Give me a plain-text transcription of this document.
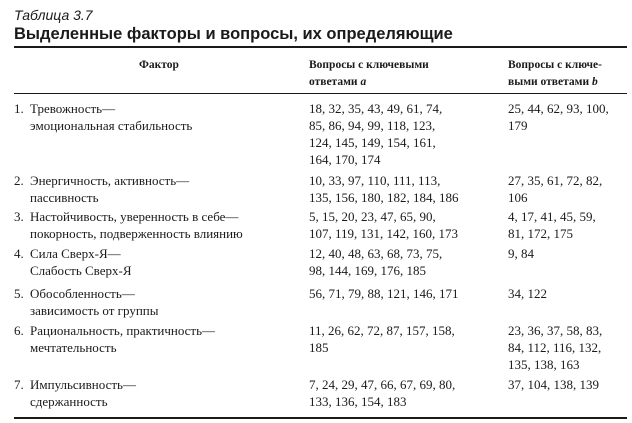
Таблица 3.7
Выделенные факторы и вопросы, их определяющие
Фактор	Вопросы с ключевыми
ответами a
Вопросы с ключе-
выми ответами b
1. Тревожность—
эмоциональная стабильность
18, 32, 35, 43, 49, 61, 74,
85, 86, 94, 99, 118, 123,
124, 145, 149, 154, 161,
164, 170, 174
25, 44, 62, 93, 100,
179
2. Энергичность, активность—
пассивность
10, 33, 97, 110, 111, 113,
135, 156, 180, 182, 184, 186
27, 35, 61, 72, 82,
106
3. Настойчивость, уверенность в себе—
покорность, подверженность влиянию
5, 15, 20, 23, 47, 65, 90,
107, 119, 131, 142, 160, 173
4, 17, 41, 45, 59,
81, 172, 175
4. Сила Сверх-Я—
Слабость Сверх-Я
12, 40, 48, 63, 68, 73, 75,
98, 144, 169, 176, 185
9, 84
5. Обособленность—
зависимость от группы
56, 71, 79, 88, 121, 146, 171	34, 122
6. Рациональность, практичность—
мечтательность
11, 26, 62, 72, 87, 157, 158,
185
23, 36, 37, 58, 83,
84, 112, 116, 132,
135, 138, 163
7. Импульсивность—
сдержанность
7, 24, 29, 47, 66, 67, 69, 80,
133, 136, 154, 183
37, 104, 138, 139
